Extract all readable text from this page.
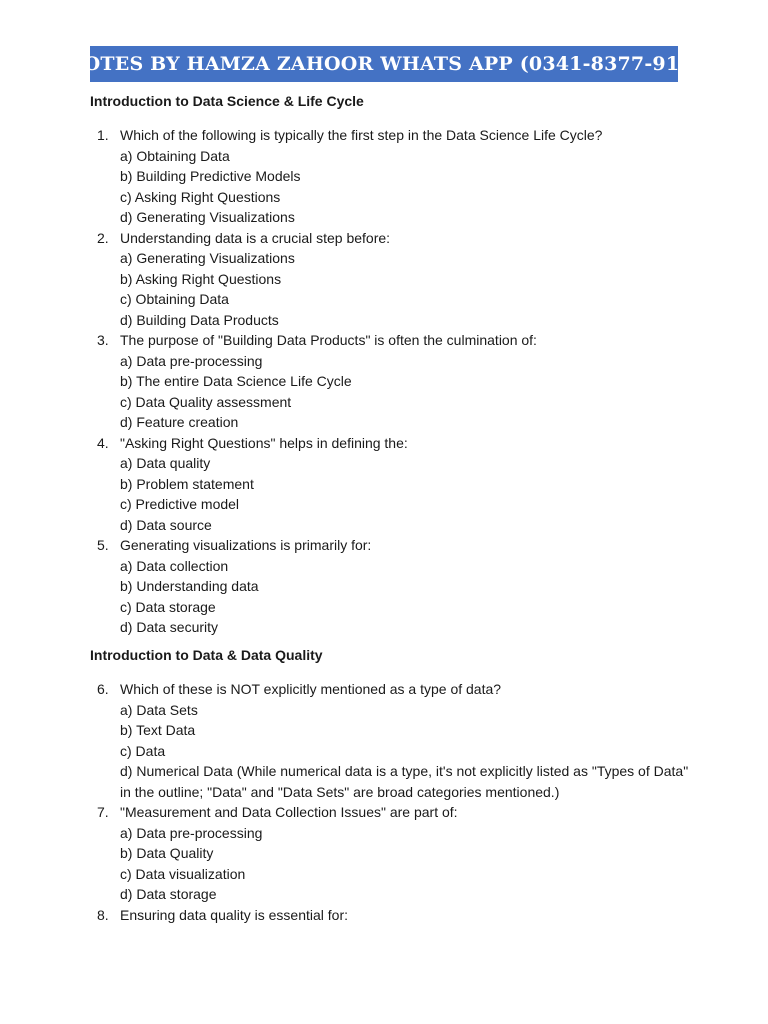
NOTES BY HAMZA ZAHOOR WHATS APP (0341-8377-917)
Introduction to Data Science & Life Cycle
1. Which of the following is typically the first step in the Data Science Life Cycle?
a) Obtaining Data
b) Building Predictive Models
c) Asking Right Questions
d) Generating Visualizations
2. Understanding data is a crucial step before:
a) Generating Visualizations
b) Asking Right Questions
c) Obtaining Data
d) Building Data Products
3. The purpose of "Building Data Products" is often the culmination of:
a) Data pre-processing
b) The entire Data Science Life Cycle
c) Data Quality assessment
d) Feature creation
4. "Asking Right Questions" helps in defining the:
a) Data quality
b) Problem statement
c) Predictive model
d) Data source
5. Generating visualizations is primarily for:
a) Data collection
b) Understanding data
c) Data storage
d) Data security
Introduction to Data & Data Quality
6. Which of these is NOT explicitly mentioned as a type of data?
a) Data Sets
b) Text Data
c) Data
d) Numerical Data (While numerical data is a type, it's not explicitly listed as "Types of Data" in the outline; "Data" and "Data Sets" are broad categories mentioned.)
7. "Measurement and Data Collection Issues" are part of:
a) Data pre-processing
b) Data Quality
c) Data visualization
d) Data storage
8. Ensuring data quality is essential for:
